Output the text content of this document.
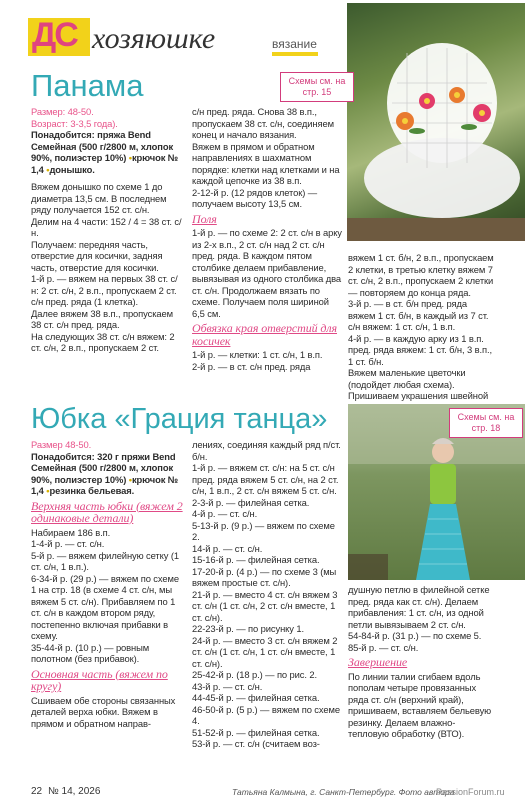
ДС хозяюшке	вязание
Схемы см. на стр. 15
Панама

Размер: 48-50.

Возраст: 3-3,5 года).

Понадобится: пряжа Bend Семейная (500 г/2800 м, хлопок 90%, полиэстер 10%) •крючок № 1,4 •донышко.

Вяжем донышко по схеме 1 до диаметра 13,5 см. В последнем ряду получается 152 ст. с/н.

Делим на 4 части: 152 / 4 = 38 ст. с/н.

Получаем: передняя часть, отверстие для косички, задняя часть, отверстие для косички.

1-й р. — вяжем на первых 38 ст. с/н: 2 ст. с/н, 2 в.п., пропускаем 2 ст. с/н пред. ряда (1 клетка).

Далее вяжем 38 в.п., пропускаем 38 ст. с/н пред. ряда.

На следующих 38 ст. с/н вяжем: 2 ст. с/н, 2 в.п., пропускаем 2 ст.

с/н пред. ряда. Снова 38 в.п., пропускаем 38 ст. с/н, соединяем конец и начало вязания.

Вяжем в прямом и обратном направлениях в шахматном порядке: клетки над клетками и на каждой цепочке из 38 в.п.

2-12-й р. (12 рядов клеток) — получаем высоту 13,5 см.

Поля

1-й р. — по схеме 2: 2 ст. с/н в арку из 2-х в.п., 2 ст. с/н над 2 ст. с/н пред. ряда. В каждом пятом столбике делаем прибавление, вывязывая из одного столбика два ст. с/н. Продолжаем вязать по схеме. Получаем поля шириной 6,5 см.

Обвязка края отверстий для косичек

1-й р. — клетки: 1 ст. с/н, 1 в.п.

2-й р. — в ст. с/н пред. ряда

вяжем 1 ст. б/н, 2 в.п., пропускаем 2 клетки, в третью клетку вяжем 7 ст. с/н, 2 в.п., пропускаем 2 клетки — повторяем до конца ряда.

3-й р. — в ст. б/н пред. ряда вяжем 1 ст. б/н, в каждый из 7 ст. с/н вяжем: 1 ст. с/н, 1 в.п.

4-й р. — в каждую арку из 1 в.п. пред. ряда вяжем: 1 ст. б/н, 3 в.п., 1 ст. б/н.

Вяжем маленькие цветочки (подойдет любая схема). Пришиваем украшения швейной

Юбка «Грация танца»	Схемы см. на стр. 18

Размер 48-50.

Понадобится: 320 г пряжи Bend Семейная (500 г/2800 м, хлопок 90%, полиэстер 10%) •крючок № 1,4 •резинка бельевая.

Верхняя часть юбки (вяжем 2 одинаковые детали)

Набираем 186 в.п.

1-4-й р. — ст. с/н.

5-й р. — вяжем филейную сетку (1 ст. с/н, 1 в.п.).

6-34-й р. (29 р.) — вяжем по схеме 1 на стр. 18 (в схеме 4 ст. с/н, мы вяжем 5 ст. с/н). Прибавляем по 1 ст. с/н в каждом втором ряду, постепенно включая прибавки в схему.

35-44-й р. (10 р.) — ровным полотном (без прибавок).

Основная часть (вяжем по кругу)

Сшиваем обе стороны связанных деталей верха юбки. Вяжем в прямом и обратном направ-

лениях, соединяя каждый ряд п/ст. б/н.

1-й р. — вяжем ст. с/н: на 5 ст. с/н пред. ряда вяжем 5 ст. с/н, на 2 ст. с/н, 1 в.п., 2 ст. с/н вяжем 5 ст. с/н.

2-3-й р. — филейная сетка.

4-й р. — ст. с/н.

5-13-й р. (9 р.) — вяжем по схеме 2.

14-й р. — ст. с/н.

15-16-й р. — филейная сетка.

17-20-й р. (4 р.) — по схеме 3 (мы вяжем простые ст. с/н).

21-й р. — вместо 4 ст. с/н вяжем 3 ст. с/н (1 ст. с/н, 2 ст. с/н вместе, 1 ст. с/н).

22-23-й р. — по рисунку 1.

24-й р. — вместо 3 ст. с/н вяжем 2 ст. с/н (1 ст. с/н, 1 ст. с/н вместе, 1 ст. с/н).

25-42-й р. (18 р.) — по рис. 2.

43-й р. — ст. с/н.

44-45-й р. — филейная сетка.

46-50-й р. (5 р.) — вяжем по схеме 4.

51-52-й р. — филейная сетка.

53-й р. — ст. с/н (считаем воз-

душную петлю в филейной сетке пред. ряда как ст. с/н). Делаем прибавления: 1 ст. с/н, из одной петли вывязываем 2 ст. с/н.

54-84-й р. (31 р.) — по схеме 5.

85-й р. — ст. с/н.

Завершение

По линии талии сгибаем вдоль пополам четыре провязанных ряда ст. с/н (верхний край), пришиваем, вставляем бельевую резинку. Делаем влажно-тепловую обработку (ВТО).

22 № 14, 2026	Татьяна Калмына, г. Санкт-Петербург. Фото автора
PassionForum.ru
